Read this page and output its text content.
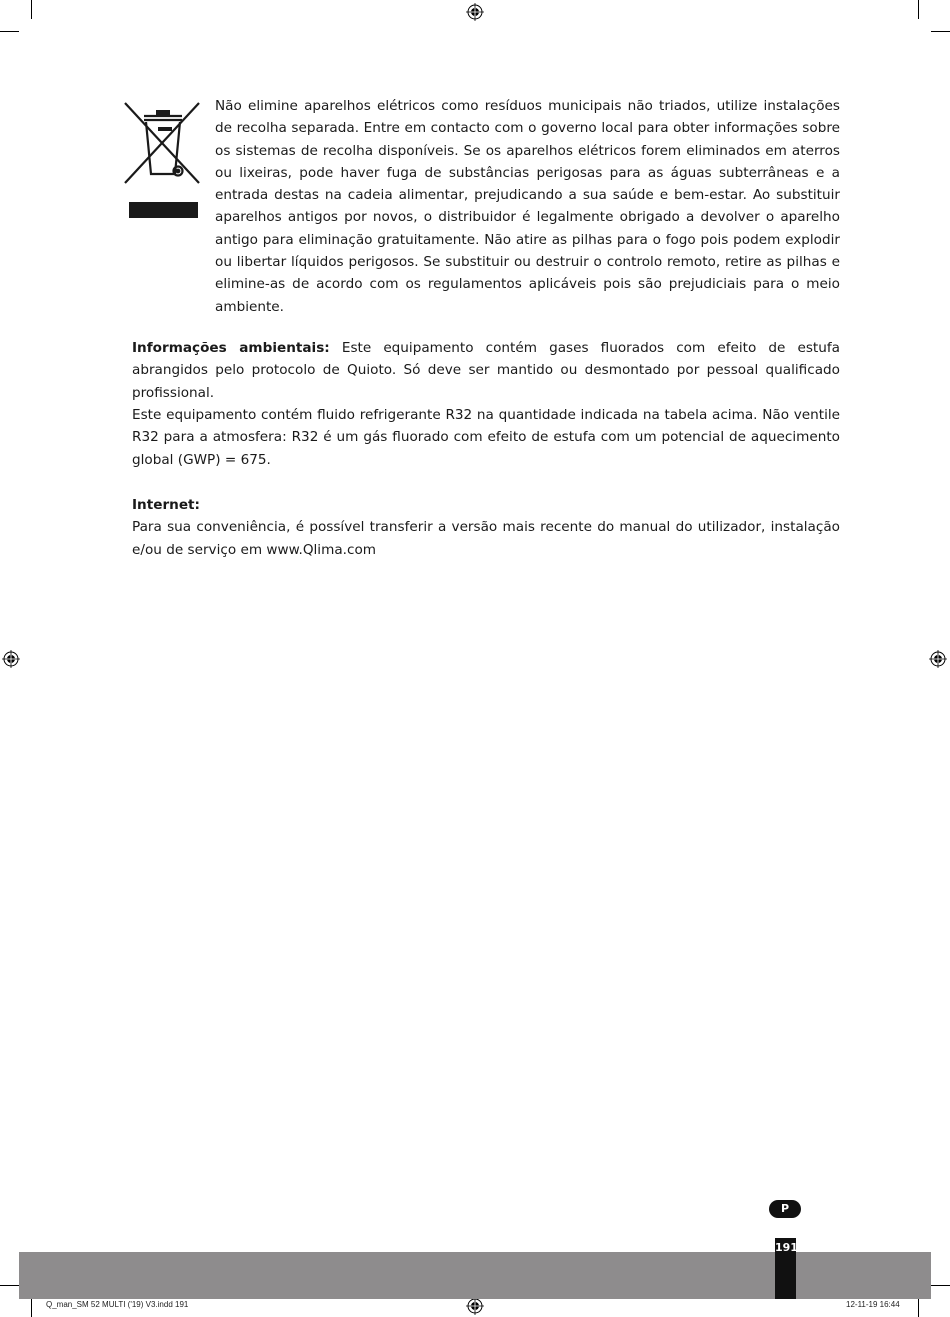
Não elimine aparelhos elétricos como resíduos municipais não triados, utilize instalações de recolha separada. Entre em contacto com o governo local para obter informações sobre os sistemas de recolha disponíveis. Se os aparelhos elétricos forem eliminados em aterros ou lixeiras, pode haver fuga de substâncias perigosas para as águas subterrâneas e a entrada destas na cadeia alimentar, prejudicando a sua saúde e bem-estar. Ao substituir aparelhos antigos por novos, o distribuidor é legalmente obrigado a devolver o aparelho antigo para eliminação gratuitamente. Não atire as pilhas para o fogo pois podem explodir ou libertar líquidos perigosos. Se substituir ou destruir o controlo remoto, retire as pilhas e elimine-as de acordo com os regulamentos aplicáveis pois são prejudiciais para o meio ambiente.

Informações ambientais: Este equipamento contém gases fluorados com efeito de estufa abrangidos pelo protocolo de Quioto. Só deve ser mantido ou desmontado por pessoal qualificado profissional.

Este equipamento contém fluido refrigerante R32 na quantidade indicada na tabela acima. Não ventile R32 para a atmosfera: R32 é um gás fluorado com efeito de estufa com um potencial de aquecimento global (GWP) = 675.

Internet:
Para sua conveniência, é possível transferir a versão mais recente do manual do utilizador, instalação e/ou de serviço em www.Qlima.com
P
191
Q_man_SM 52 MULTI ('19) V3.indd 191	12-11-19 16:44
